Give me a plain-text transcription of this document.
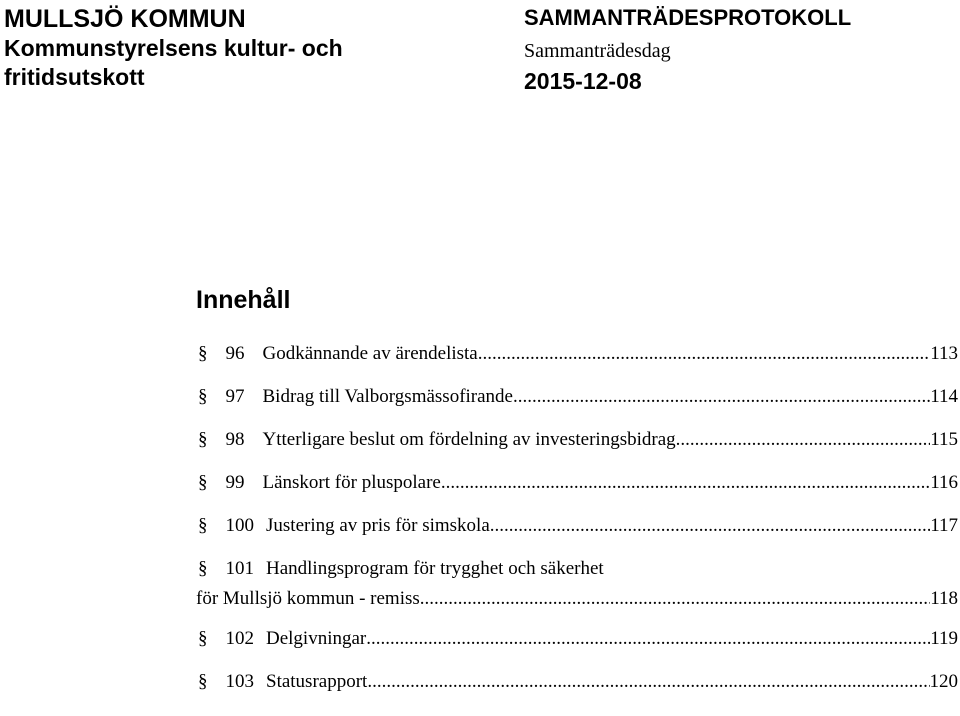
MULLSJÖ KOMMUN
Kommunstyrelsens kultur- och fritidsutskott
SAMMANTRÄDESPROTOKOLL
Sammanträdesdag
2015-12-08
Innehåll
§ 96 Godkännande av ärendelista .....	113
§ 97 Bidrag till Valborgsmässofirande .....	114
§ 98 Ytterligare beslut om fördelning av investeringsbidrag .....	115
§ 99 Länskort för pluspolare .....	116
§ 100 Justering av pris för simskola .....	117
§ 101 Handlingsprogram för trygghet och säkerhet
för Mullsjö kommun - remiss .....	118
§ 102 Delgivningar .....	119
§ 103 Statusrapport .....	120
